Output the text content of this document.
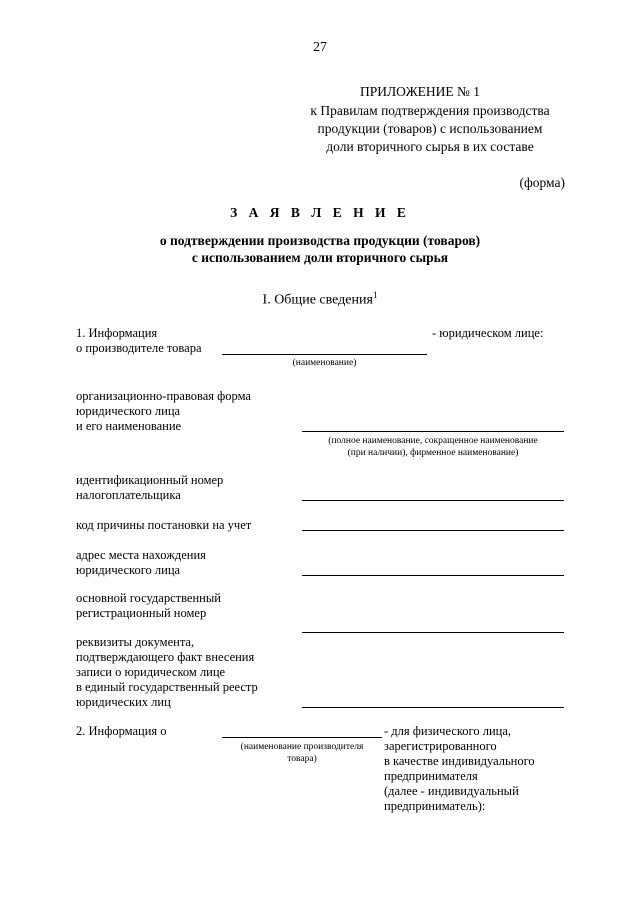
27
ПРИЛОЖЕНИЕ № 1
к Правилам подтверждения производства
продукции (товаров) с использованием
доли вторичного сырья в их составе
(форма)
З А Я В Л Е Н И Е
о подтверждении производства продукции (товаров)
с использованием доли вторичного сырья
I. Общие сведения$^1$
1. Информация
о производителе товара
- юридическом лице:
(наименование)
организационно-правовая форма
юридического лица
и его наименование
(полное наименование, сокращенное наименование
(при наличии), фирменное наименование)
идентификационный номер
налогоплательщика
код причины постановки на учет
адрес места нахождения
юридического лица
основной государственный
регистрационный номер
реквизиты документа,
подтверждающего факт внесения
записи о юридическом лице
в единый государственный реестр
юридических лиц
2. Информация о
(наименование производителя
товара)
- для физического лица,
зарегистрированного
в качестве индивидуального
предпринимателя
(далее - индивидуальный
предприниматель):
